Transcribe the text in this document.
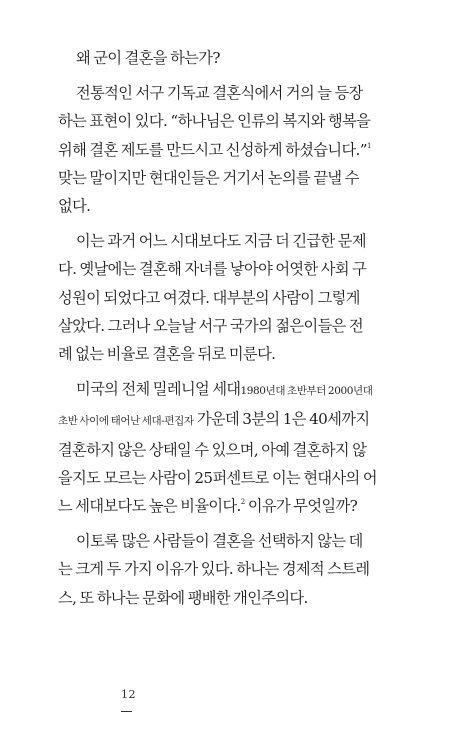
왜 군이 결혼을 하는가?

전통적인 서구 기독교 결혼식에서 거의 늘 등장
하는 표현이 있다. “하나님은 인류의 복지와 행복을
위해 결혼 제도를 만드시고 신성하게 하셨습니다.”$^1$
맞는 말이지만 현대인들은 거기서 논의를 끝낼 수
없다.

이는 과거 어느 시대보다도 지금 더 긴급한 문제
다. 옛날에는 결혼해 자녀를 낳아야 어엿한 사회 구
성원이 되었다고 여겼다. 대부분의 사람이 그렇게
살았다. 그러나 오늘날 서구 국가의 젊은이들은 전
례 없는 비율로 결혼을 뒤로 미룬다.

미국의 전체 밀레니얼 세대1980년대 초반부터 2000년대
초반 사이에 태어난 세대-편집자 가운데 3분의 1은 40세까지
결혼하지 않은 상태일 수 있으며, 아예 결혼하지 않
을지도 모르는 사람이 25퍼센트로 이는 현대사의 어
느 세대보다도 높은 비율이다.$^2$ 이유가 무엇일까?

이토록 많은 사람들이 결혼을 선택하지 않는 데
는 크게 두 가지 이유가 있다. 하나는 경제적 스트레
스, 또 하나는 문화에 팽배한 개인주의다.

12
